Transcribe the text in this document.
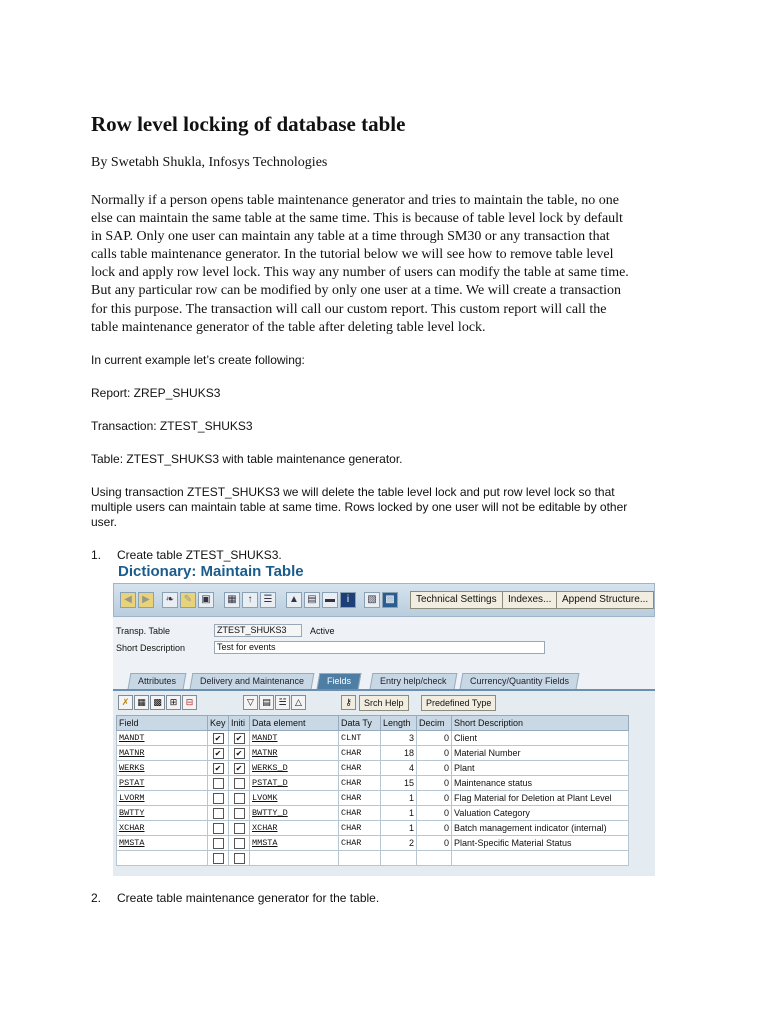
Row level locking of database table
By Swetabh Shukla, Infosys Technologies
Normally if a person opens table maintenance generator and tries to maintain the table, no one
else can maintain the same table at the same time. This is because of table level lock by default
in SAP. Only one user can maintain any table at a time through SM30 or any transaction that
calls table maintenance generator. In the tutorial below we will see how to remove table level
lock and apply row level lock. This way any number of users can modify the table at same time.
But any particular row can be modified by only one user at a time. We will create a transaction
for this purpose. The transaction will call our custom report. This custom report will call the
table maintenance generator of the table after deleting table level lock.
In current example let’s create following:
Report: ZREP_SHUKS3
Transaction: ZTEST_SHUKS3
Table: ZTEST_SHUKS3 with table maintenance generator.
Using transaction ZTEST_SHUKS3 we will delete the table level lock and put row level lock so that
multiple users can maintain table at same time. Rows locked by one user will not be editable by other
user.
1. Create table ZTEST_SHUKS3.
Dictionary: Maintain Table
◀	▶	❧ ✎ ▣	▦	↑	☰	▲ ▤ ▬	i	▧ ▩	Technical Settings	Indexes...	Append Structure...
Transp. Table	ZTEST_SHUKS3	Active
Short Description	Test for events
Attributes	Delivery and Maintenance	Fields	Entry help/check	Currency/Quantity Fields
✗ ▦ ▩ ⊞ ⊟	▽ ▤ ☱ △	⚷	Srch Help	Predefined Type
Field	Key	Initi	Data element	Data Ty	Length	Decim	Short Description
MANDT	✔	✔	MANDT	CLNT	3	0	Client
MATNR	✔	✔	MATNR	CHAR	18	0	Material Number
WERKS	✔	✔	WERKS_D	CHAR	4	0	Plant
PSTAT			PSTAT_D	CHAR	15	0	Maintenance status
LVORM			LVOMK	CHAR	1	0	Flag Material for Deletion at Plant Level
BWTTY			BWTTY_D	CHAR	1	0	Valuation Category
XCHAR			XCHAR	CHAR	1	0	Batch management indicator (internal)
MMSTA			MMSTA	CHAR	2	0	Plant-Specific Material Status

2. Create table maintenance generator for the table.
